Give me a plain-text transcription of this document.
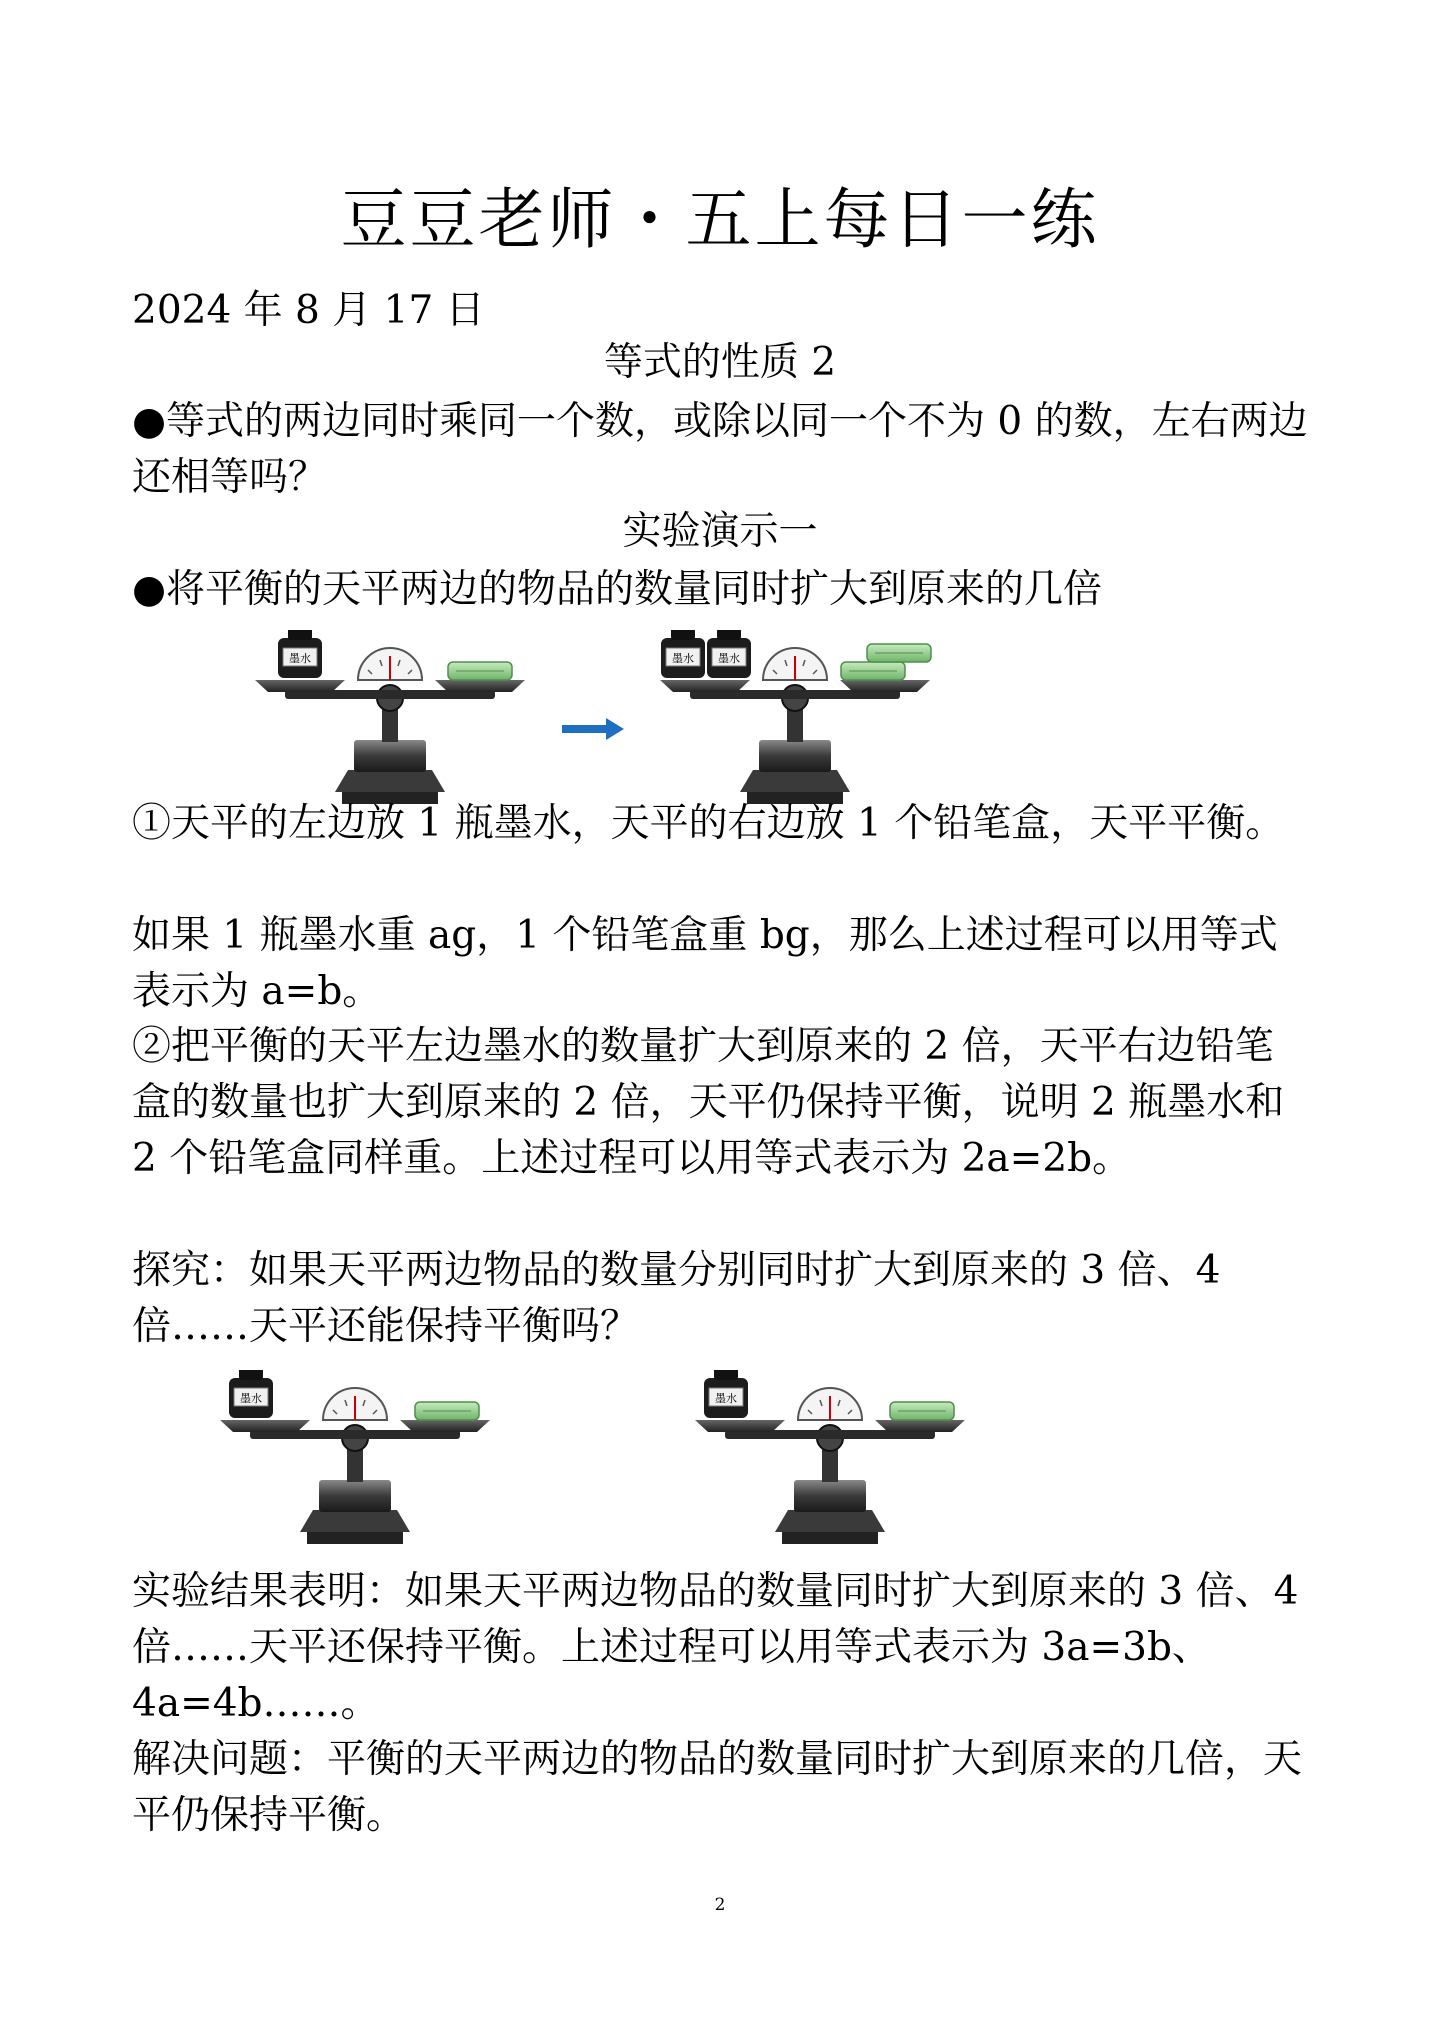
豆豆老师・五上每日一练

2024 年 8 月 17 日

等式的性质 2

●等式的两边同时乘同一个数，或除以同一个不为 0 的数，左右两边还相等吗？

实验演示一

●将平衡的天平两边的物品的数量同时扩大到原来的几倍

墨水	墨水 墨水

①天平的左边放 1 瓶墨水，天平的右边放 1 个铅笔盒，天平平衡。

如果 1 瓶墨水重 ag，1 个铅笔盒重 bg，那么上述过程可以用等式表示为 a=b。

②把平衡的天平左边墨水的数量扩大到原来的 2 倍，天平右边铅笔盒的数量也扩大到原来的 2 倍，天平仍保持平衡，说明 2 瓶墨水和 2 个铅笔盒同样重。上述过程可以用等式表示为 2a=2b。

探究：如果天平两边物品的数量分别同时扩大到原来的 3 倍、4 倍……天平还能保持平衡吗？

墨水	墨水

实验结果表明：如果天平两边物品的数量同时扩大到原来的 3 倍、4 倍……天平还保持平衡。上述过程可以用等式表示为 3a=3b、4a=4b……。

解决问题：平衡的天平两边的物品的数量同时扩大到原来的几倍，天平仍保持平衡。

2
